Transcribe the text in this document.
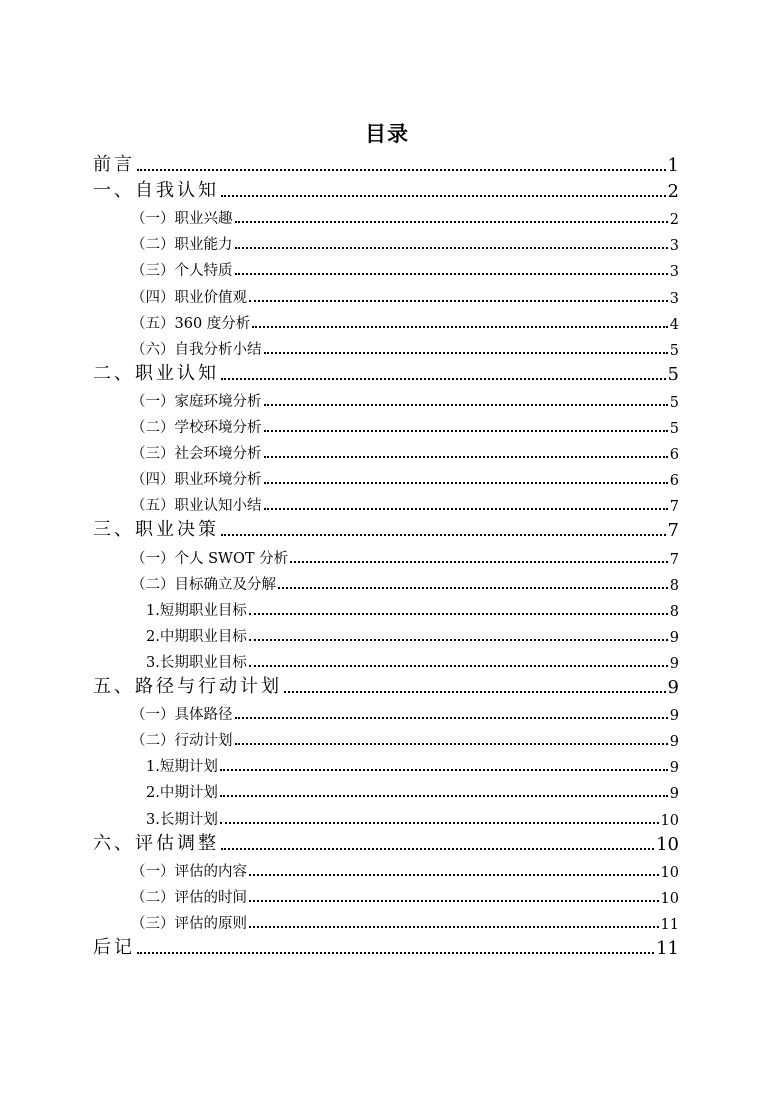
目录
前言	1
一、自我认知	2
（一）职业兴趣	2
（二）职业能力	3
（三）个人特质	3
（四）职业价值观	3
（五）360 度分析	4
（六）自我分析小结	5
二、职业认知	5
（一）家庭环境分析	5
（二）学校环境分析	5
（三）社会环境分析	6
（四）职业环境分析	6
（五）职业认知小结	7
三、职业决策	7
（一）个人 SWOT 分析	7
（二）目标确立及分解	8
1.短期职业目标	8
2.中期职业目标	9
3.长期职业目标	9
五、路径与行动计划	9
（一）具体路径	9
（二）行动计划	9
1.短期计划	9
2.中期计划	9
3.长期计划	10
六、评估调整	10
（一）评估的内容	10
（二）评估的时间	10
（三）评估的原则	11
后记	11
